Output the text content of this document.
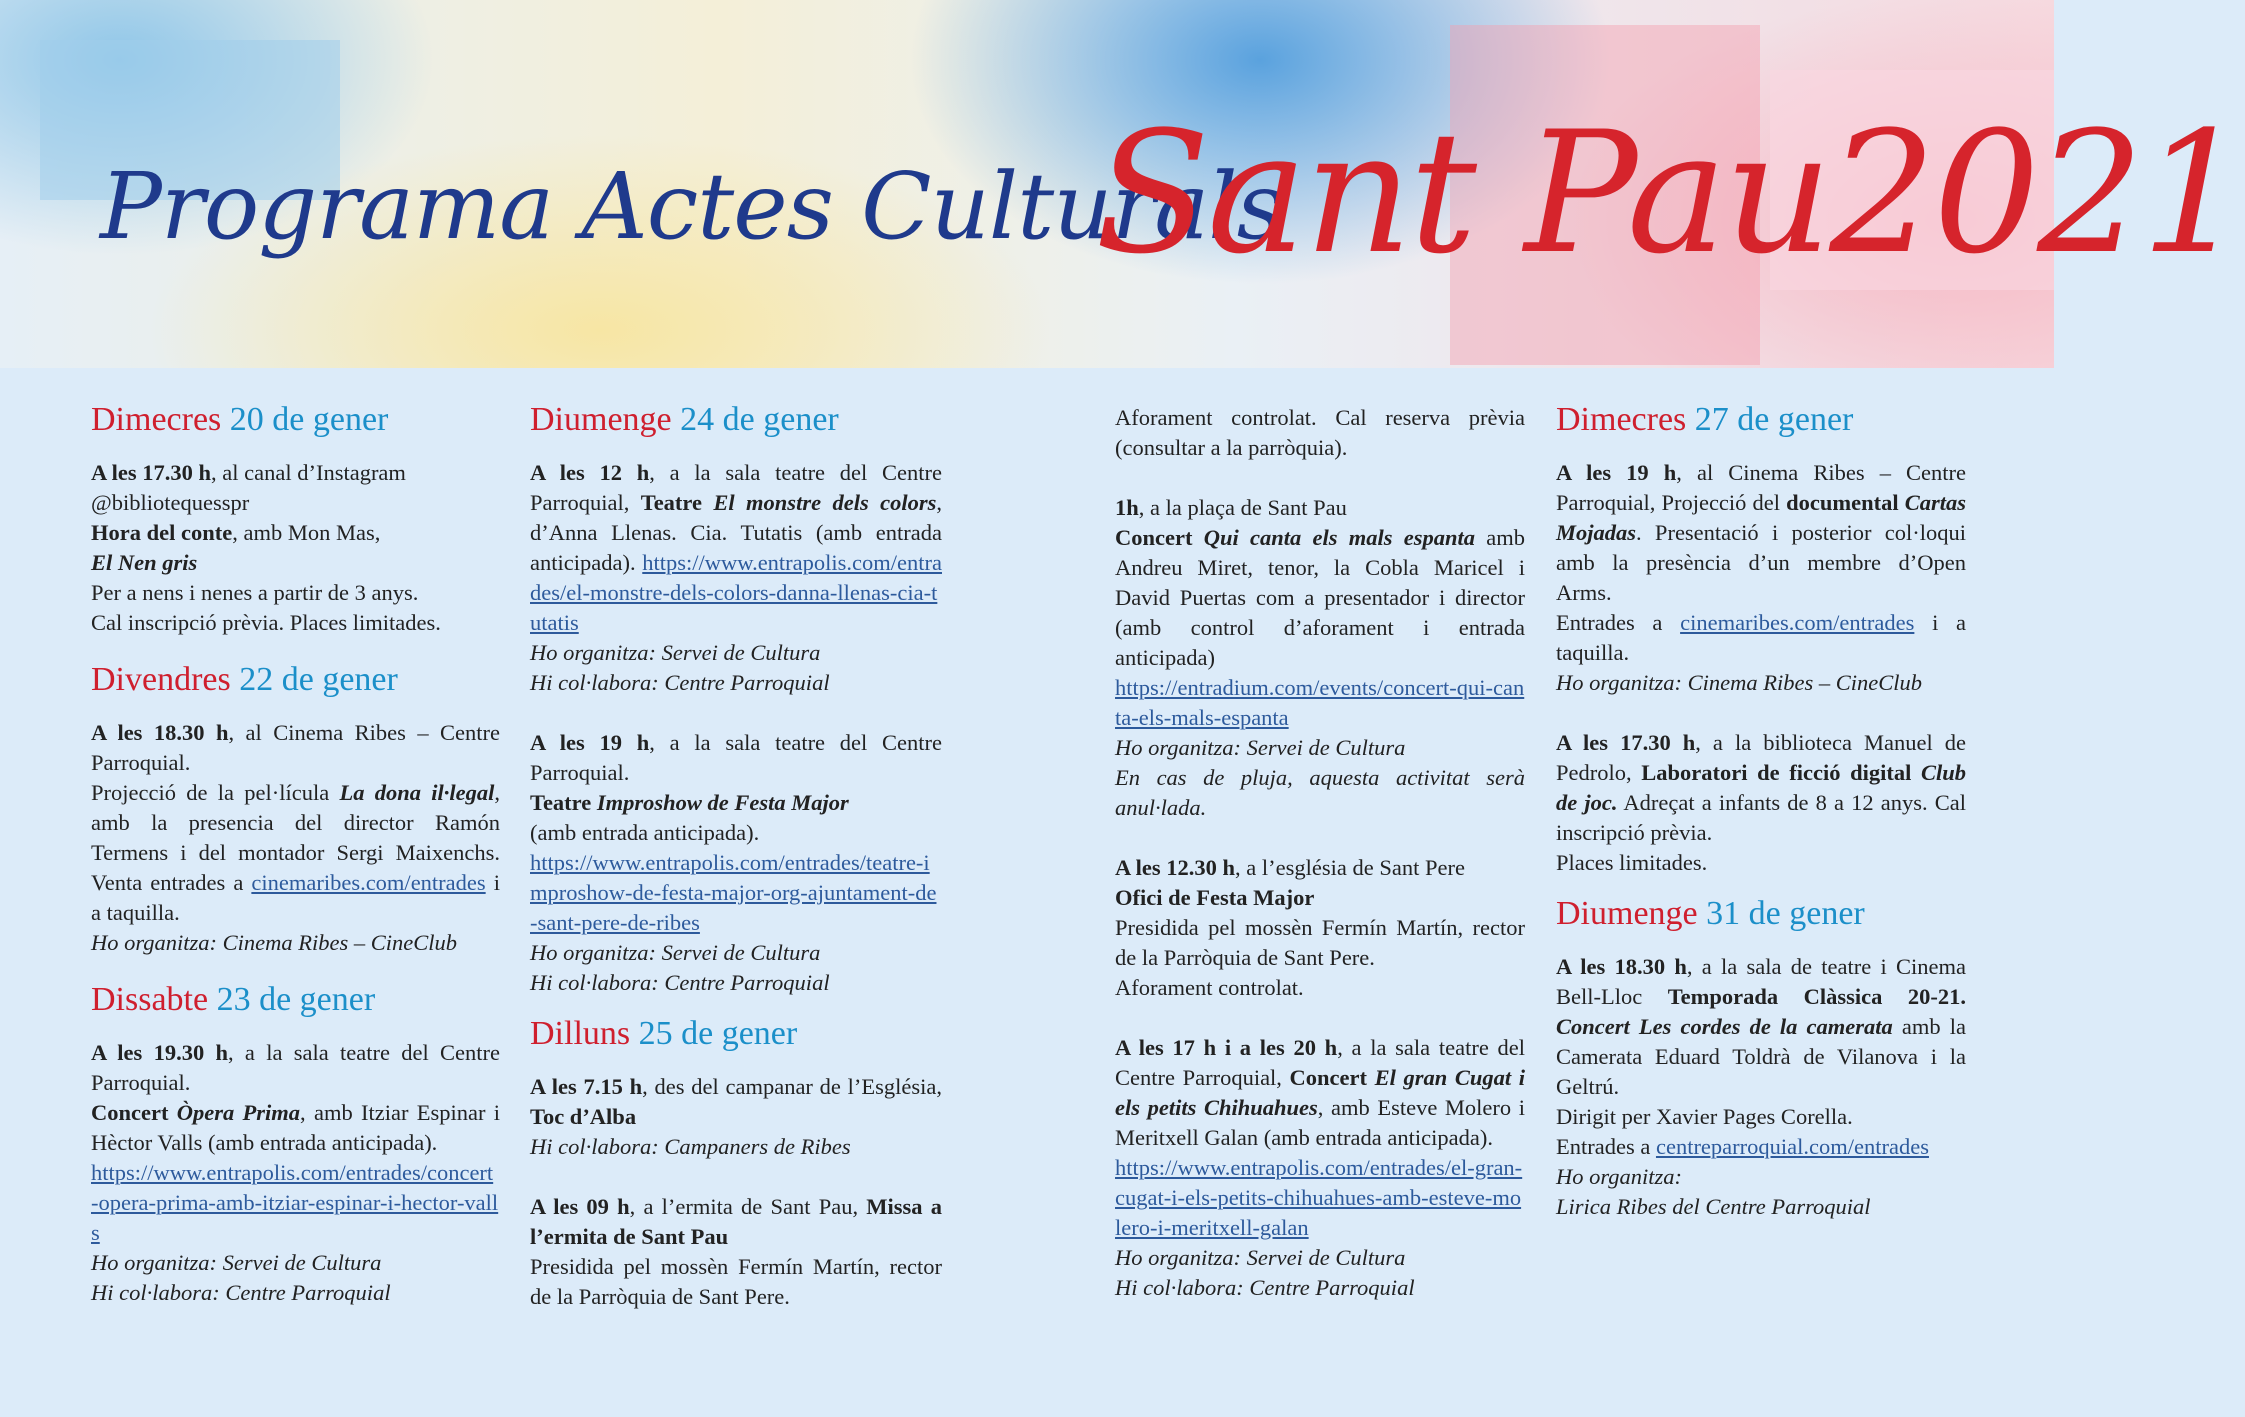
Programa Actes Culturals
Sant Pau2021
Dimecres 20 de gener

A les 17.30 h, al canal d’Instagram

@bibliotequesspr

Hora del conte, amb Mon Mas,

El Nen gris

Per a nens i nenes a partir de 3 anys.

Cal inscripció prèvia. Places limitades.

Divendres 22 de gener

A les 18.30 h, al Cinema Ribes – Centre Parroquial.

Projecció de la pel·lícula La dona il·legal, amb la presencia del director Ramón Termens i del montador Sergi Maixenchs. Venta entrades a cinemaribes.com/entrades i a taquilla.

Ho organitza: Cinema Ribes – CineClub

Dissabte 23 de gener

A les 19.30 h, a la sala teatre del Centre Parroquial.

Concert Òpera Prima, amb Itziar Espinar i Hèctor Valls (amb entrada anticipada).

https://www.entrapolis.com/entrades/concert-opera-prima-amb-itziar-espinar-i-hector-valls

Ho organitza: Servei de Cultura

Hi col·labora: Centre Parroquial

Diumenge 24 de gener

A les 12 h, a la sala teatre del Centre Parroquial, Teatre El monstre dels colors, d’Anna Llenas. Cia. Tutatis (amb entrada anticipada). https://www.entrapolis.com/entrades/el-monstre-dels-colors-danna-llenas-cia-tutatis

Ho organitza: Servei de Cultura

Hi col·labora: Centre Parroquial

A les 19 h, a la sala teatre del Centre Parroquial.

Teatre Improshow de Festa Major

(amb entrada anticipada).

https://www.entrapolis.com/entrades/teatre-improshow-de-festa-major-org-ajuntament-de-sant-pere-de-ribes

Ho organitza: Servei de Cultura

Hi col·labora: Centre Parroquial

Dilluns 25 de gener

A les 7.15 h, des del campanar de l’Església, Toc d’Alba

Hi col·labora: Campaners de Ribes

A les 09 h, a l’ermita de Sant Pau, Missa a l’ermita de Sant Pau

Presidida pel mossèn Fermín Martín, rector de la Parròquia de Sant Pere.

Aforament controlat. Cal reserva prèvia (consultar a la parròquia).

1h, a la plaça de Sant Pau

Concert Qui canta els mals espanta amb Andreu Miret, tenor, la Cobla Maricel i David Puertas com a presentador i director (amb control d’aforament i entrada anticipada)

https://entradium.com/events/concert-qui-canta-els-mals-espanta

Ho organitza: Servei de Cultura

En cas de pluja, aquesta activitat serà anul·lada.

A les 12.30 h, a l’església de Sant Pere

Ofici de Festa Major

Presidida pel mossèn Fermín Martín, rector de la Parròquia de Sant Pere.

Aforament controlat.

A les 17 h i a les 20 h, a la sala teatre del Centre Parroquial, Concert El gran Cugat i els petits Chihuahues, amb Esteve Molero i Meritxell Galan (amb entrada anticipada).

https://www.entrapolis.com/entrades/el-gran-cugat-i-els-petits-chihuahues-amb-esteve-molero-i-meritxell-galan

Ho organitza: Servei de Cultura

Hi col·labora: Centre Parroquial

Dimecres 27 de gener

A les 19 h, al Cinema Ribes – Centre Parroquial, Projecció del documental Cartas Mojadas. Presentació i posterior col·loqui amb la presència d’un membre d’Open Arms.

Entrades a cinemaribes.com/entrades i a taquilla.

Ho organitza: Cinema Ribes – CineClub

A les 17.30 h, a la biblioteca Manuel de Pedrolo, Laboratori de ficció digital Club de joc. Adreçat a infants de 8 a 12 anys. Cal inscripció prèvia.

Places limitades.

Diumenge 31 de gener

A les 18.30 h, a la sala de teatre i Cinema Bell-Lloc Temporada Clàssica 20-21. Concert Les cordes de la camerata amb la Camerata Eduard Toldrà de Vilanova i la Geltrú.

Dirigit per Xavier Pages Corella.

Entrades a centreparroquial.com/entrades

Ho organitza:

Lirica Ribes del Centre Parroquial
